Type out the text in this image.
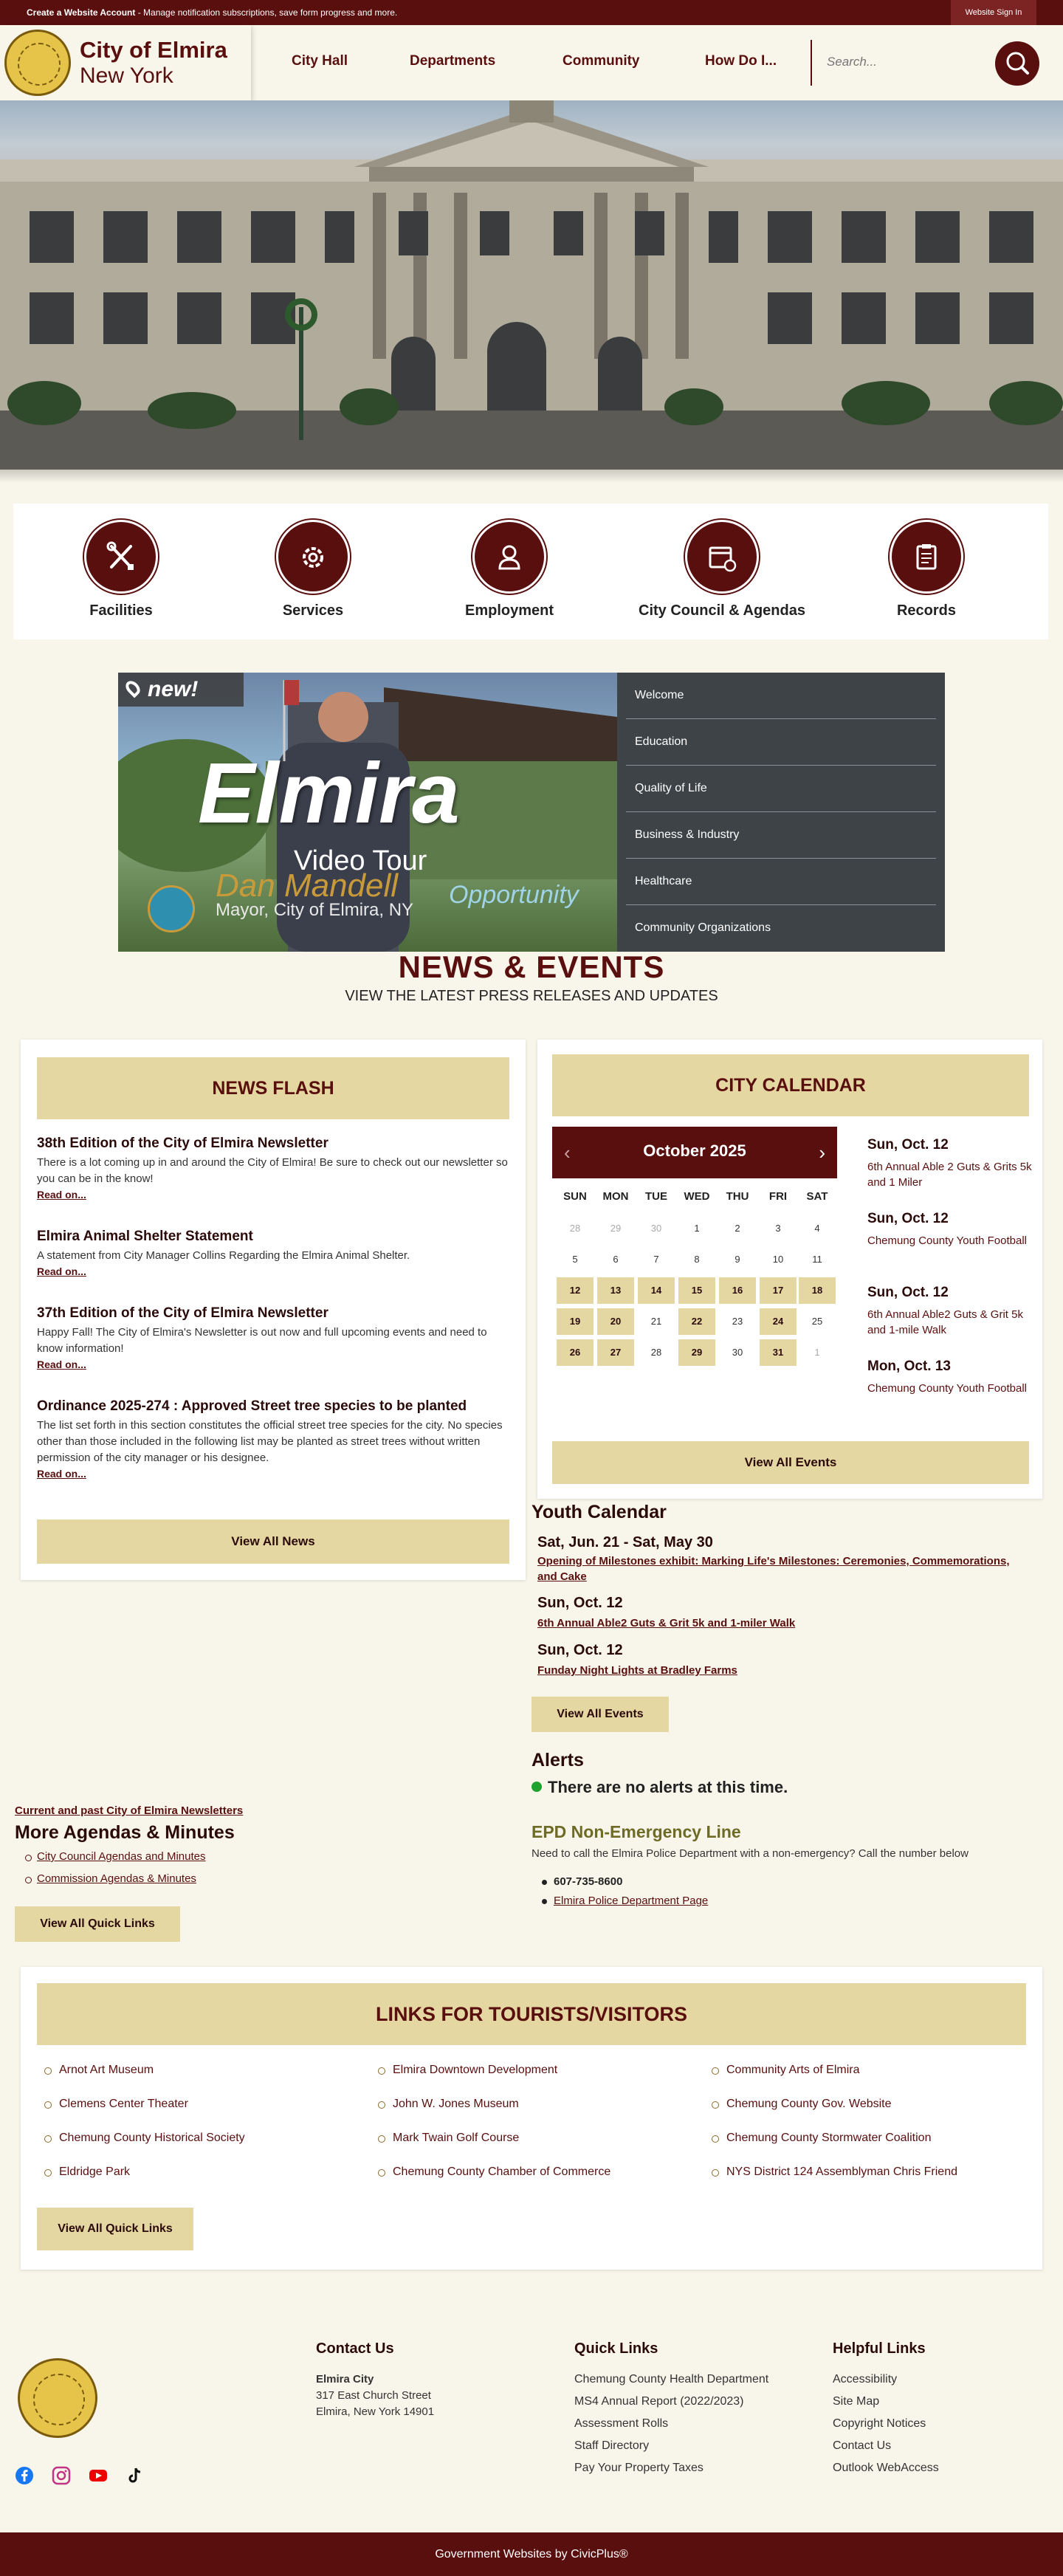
Create a Website Account - Manage notification subscriptions, save form progress and more.	Website Sign In
City of Elmira
New York
City Hall	Departments	Community	How Do I...
Search...
Facilities	Services	Employment	City Council & Agendas	Records
new!
Elmira
Video Tour
Dan Mandell
Mayor, City of Elmira, NY
Opportunity
Welcome
Education
Quality of Life
Business & Industry
Healthcare
Community Organizations
NEWS & EVENTS
VIEW THE LATEST PRESS RELEASES AND UPDATES
NEWS FLASH
38th Edition of the City of Elmira Newsletter

There is a lot coming up in and around the City of Elmira! Be sure to check out our newsletter so you can be in the know!

Read on...
Elmira Animal Shelter Statement

A statement from City Manager Collins Regarding the Elmira Animal Shelter.

Read on...
37th Edition of the City of Elmira Newsletter

Happy Fall! The City of Elmira's Newsletter is out now and full upcoming events and need to know information!

Read on...
Ordinance 2025-274 : Approved Street tree species to be planted

The list set forth in this section constitutes the official street tree species for the city. No species other than those included in the following list may be planted as street trees without written permission of the city manager or his designee.

Read on...
View All News
CITY CALENDAR
‹	October 2025	›
SUN	MON	TUE	WED	THU	FRI	SAT
28	29	30	1	2	3	4
5	6	7	8	9	10	11
12	13	14	15	16	17	18
19	20	21	22	23	24	25
26	27	28	29	30	31	1
Sun, Oct. 12
6th Annual Able 2 Guts & Grits 5k and 1 Miler
Sun, Oct. 12
Chemung County Youth Football
Sun, Oct. 12
6th Annual Able2 Guts & Grit 5k and 1-mile Walk
Mon, Oct. 13
Chemung County Youth Football
View All Events
Youth Calendar
Sat, Jun. 21 - Sat, May 30
Opening of Milestones exhibit: Marking Life's Milestones: Ceremonies, Commemorations, and Cake
Sun, Oct. 12
6th Annual Able2 Guts & Grit 5k and 1-miler Walk
Sun, Oct. 12
Funday Night Lights at Bradley Farms
View All Events
Current and past City of Elmira Newsletters
More Agendas & Minutes
City Council Agendas and Minutes
Commission Agendas & Minutes
View All Quick Links
Alerts
There are no alerts at this time.
EPD Non-Emergency Line
Need to call the Elmira Police Department with a non-emergency? Call the number below
607-735-8600
Elmira Police Department Page
LINKS FOR TOURISTS/VISITORS
Arnot Art Museum
Clemens Center Theater
Chemung County Historical Society
Eldridge Park
Elmira Downtown Development
John W. Jones Museum
Mark Twain Golf Course
Chemung County Chamber of Commerce
Community Arts of Elmira
Chemung County Gov. Website
Chemung County Stormwater Coalition
NYS District 124 Assemblyman Chris Friend
View All Quick Links
Contact Us
Elmira City
317 East Church Street
Elmira, New York 14901
Quick Links
Chemung County Health Department
MS4 Annual Report (2022/2023)
Assessment Rolls
Staff Directory
Pay Your Property Taxes
Helpful Links
Accessibility
Site Map
Copyright Notices
Contact Us
Outlook WebAccess
Government Websites by CivicPlus®
